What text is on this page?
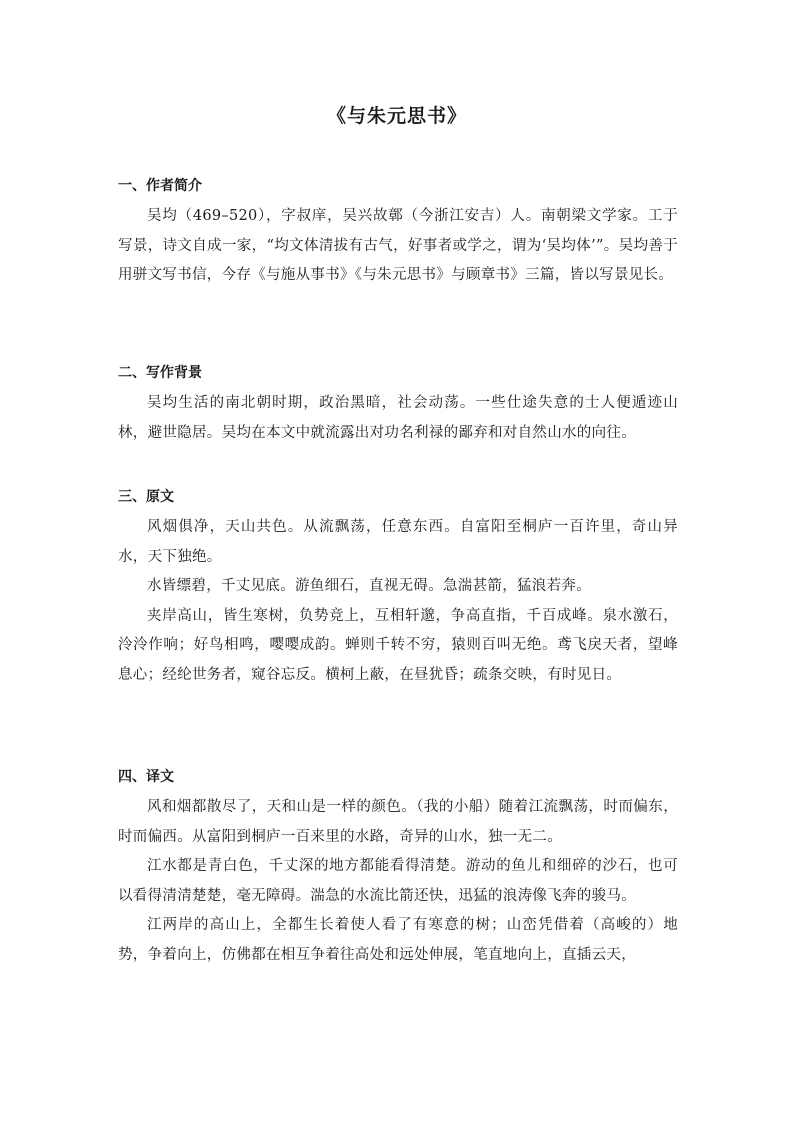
《与朱元思书》
一、作者简介

吴均（469–520），字叔庠，吴兴故鄣（今浙江安吉）人。南朝梁文学家。工于写景，诗文自成一家，“均文体清拔有古气，好事者或学之，谓为‘吴均体’”。吴均善于用骈文写书信，今存《与施从事书》《与朱元思书》与顾章书》三篇，皆以写景见长。

二、写作背景

吴均生活的南北朝时期，政治黑暗，社会动荡。一些仕途失意的士人便遁迹山林，避世隐居。吴均在本文中就流露出对功名利禄的鄙弃和对自然山水的向往。

三、原文

风烟俱净，天山共色。从流飘荡，任意东西。自富阳至桐庐一百许里，奇山异水，天下独绝。

水皆缥碧，千丈见底。游鱼细石，直视无碍。急湍甚箭，猛浪若奔。

夹岸高山，皆生寒树，负势竞上，互相轩邈，争高直指，千百成峰。泉水激石，泠泠作响；好鸟相鸣，嘤嘤成韵。蝉则千转不穷，猿则百叫无绝。鸢飞戾天者，望峰息心；经纶世务者，窥谷忘反。横柯上蔽，在昼犹昏；疏条交映，有时见日。

四、译文

风和烟都散尽了，天和山是一样的颜色。（我的小船）随着江流飘荡，时而偏东，时而偏西。从富阳到桐庐一百来里的水路，奇异的山水，独一无二。

江水都是青白色，千丈深的地方都能看得清楚。游动的鱼儿和细碎的沙石，也可以看得清清楚楚，毫无障碍。湍急的水流比箭还快，迅猛的浪涛像飞奔的骏马。

江两岸的高山上，全都生长着使人看了有寒意的树；山峦凭借着（高峻的）地势，争着向上，仿佛都在相互争着往高处和远处伸展，笔直地向上，直插云天，
